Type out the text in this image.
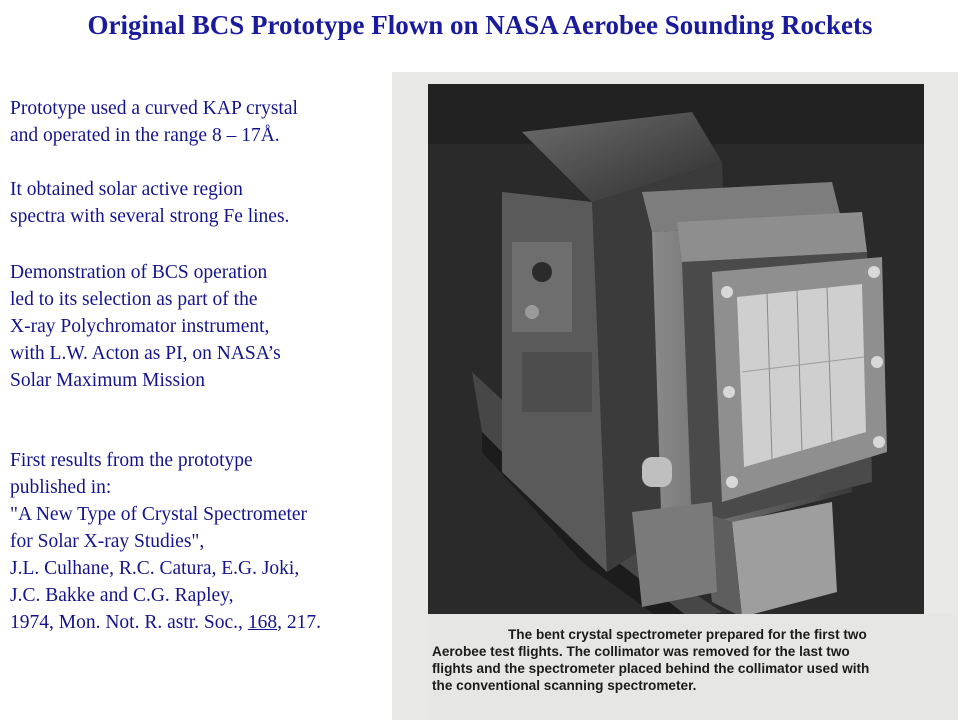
Original BCS Prototype Flown on NASA Aerobee Sounding Rockets
Prototype used a curved KAP crystal
and operated in the range 8 – 17Å.
It obtained solar active region
spectra with several strong Fe lines.
Demonstration of BCS operation
led to its selection as part of the
X-ray Polychromator instrument,
with L.W. Acton as PI, on NASA’s
Solar Maximum Mission
First results from the prototype
published in:
"A New Type of Crystal Spectrometer
for Solar X-ray Studies",
J.L. Culhane, R.C. Catura, E.G. Joki,
J.C. Bakke and C.G. Rapley,
1974, Mon. Not. R. astr. Soc., 168, 217.
The bent crystal spectrometer prepared for the first two
Aerobee test flights. The collimator was removed for the last two
flights and the spectrometer placed behind the collimator used with
the conventional scanning spectrometer.
